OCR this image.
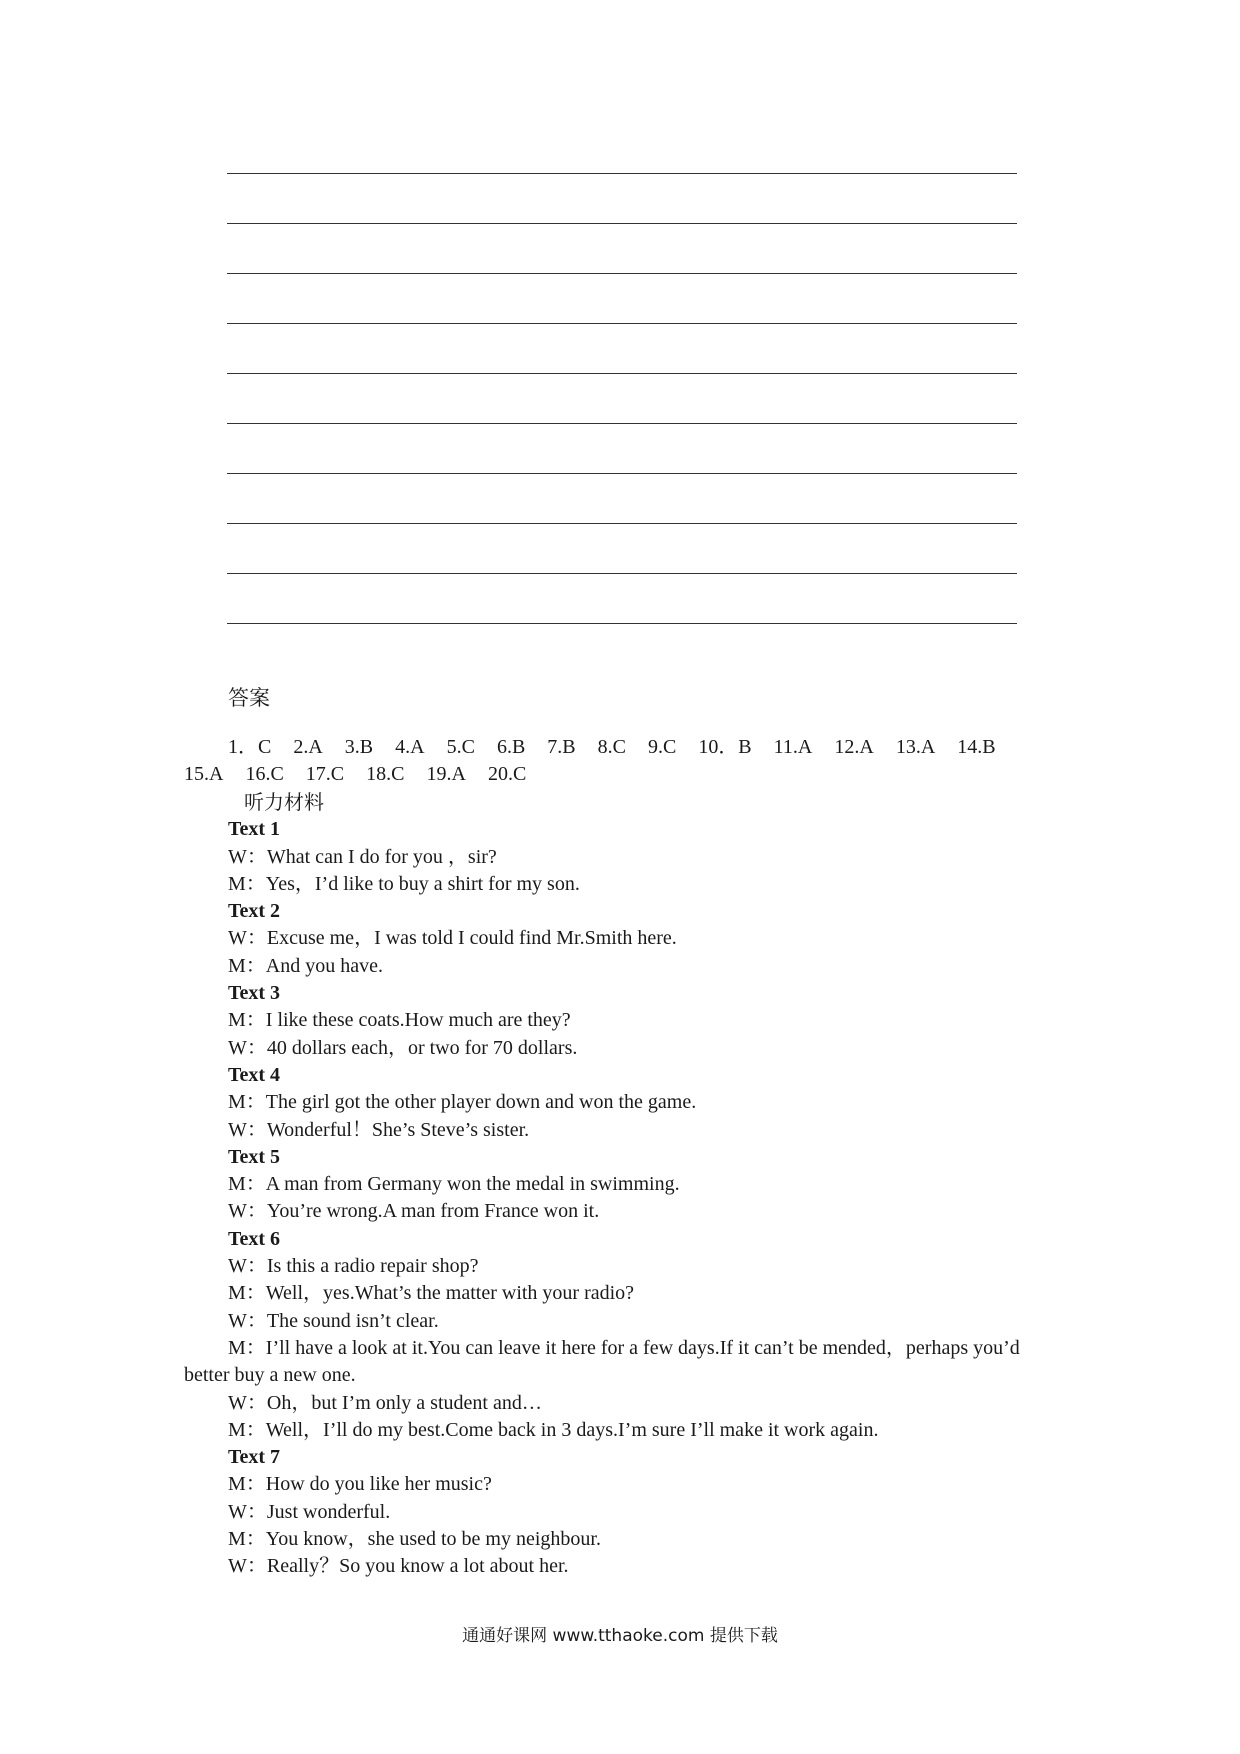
答案
1．C 2.A 3.B 4.A 5.C 6.B 7.B 8.C 9.C 10．B 11.A 12.A 13.A 14.B
15.A 16.C 17.C 18.C 19.A 20.C
听力材料
Text 1
W：What can I do for you ，sir?
M：Yes，I’d like to buy a shirt for my son.
Text 2
W：Excuse me，I was told I could find Mr.Smith here.
M：And you have.
Text 3
M：I like these coats.How much are they?
W：40 dollars each，or two for 70 dollars.
Text 4
M：The girl got the other player down and won the game.
W：Wonderful！She’s Steve’s sister.
Text 5
M：A man from Germany won the medal in swimming.
W：You’re wrong.A man from France won it.
Text 6
W：Is this a radio repair shop?
M：Well，yes.What’s the matter with your radio?
W：The sound isn’t clear.
M：I’ll have a look at it.You can leave it here for a few days.If it can’t be mended，perhaps you’d better buy a new one.
W：Oh，but I’m only a student and…
M：Well，I’ll do my best.Come back in 3 days.I’m sure I’ll make it work again.
Text 7
M：How do you like her music?
W：Just wonderful.
M：You know，she used to be my neighbour.
W：Really？So you know a lot about her.
通通好课网 www.tthaoke.com 提供下载
